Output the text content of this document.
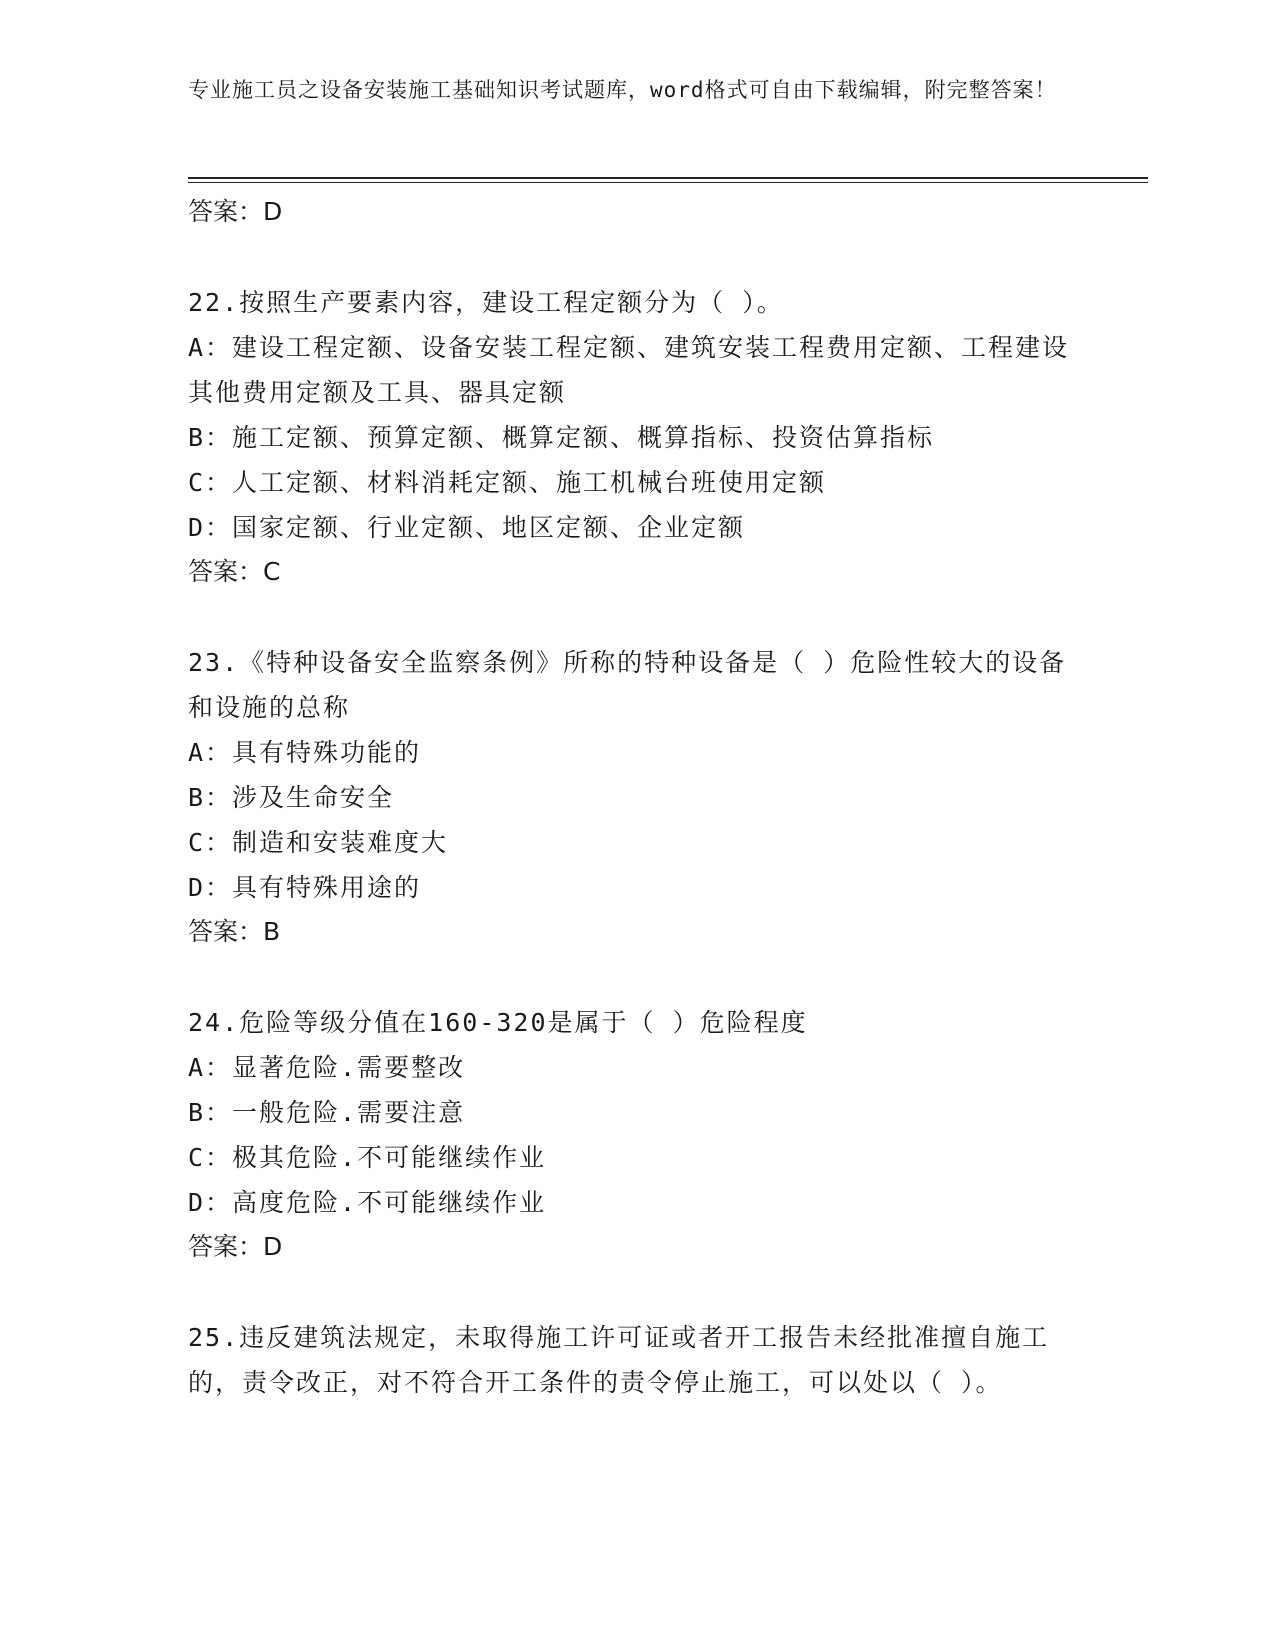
专业施工员之设备安装施工基础知识考试题库，word格式可自由下载编辑，附完整答案！
答案：D

22.按照生产要素内容，建设工程定额分为（ ）。

A：建设工程定额、设备安装工程定额、建筑安装工程费用定额、工程建设其他费用定额及工具、器具定额

B：施工定额、预算定额、概算定额、概算指标、投资估算指标

C：人工定额、材料消耗定额、施工机械台班使用定额

D：国家定额、行业定额、地区定额、企业定额

答案：C

23.《特种设备安全监察条例》所称的特种设备是（ ）危险性较大的设备和设施的总称

A：具有特殊功能的

B：涉及生命安全

C：制造和安装难度大

D：具有特殊用途的

答案：B

24.危险等级分值在160-320是属于（ ）危险程度

A：显著危险.需要整改

B：一般危险.需要注意

C：极其危险.不可能继续作业

D：高度危险.不可能继续作业

答案：D

25.违反建筑法规定，未取得施工许可证或者开工报告未经批准擅自施工的，责令改正，对不符合开工条件的责令停止施工，可以处以（ ）。
